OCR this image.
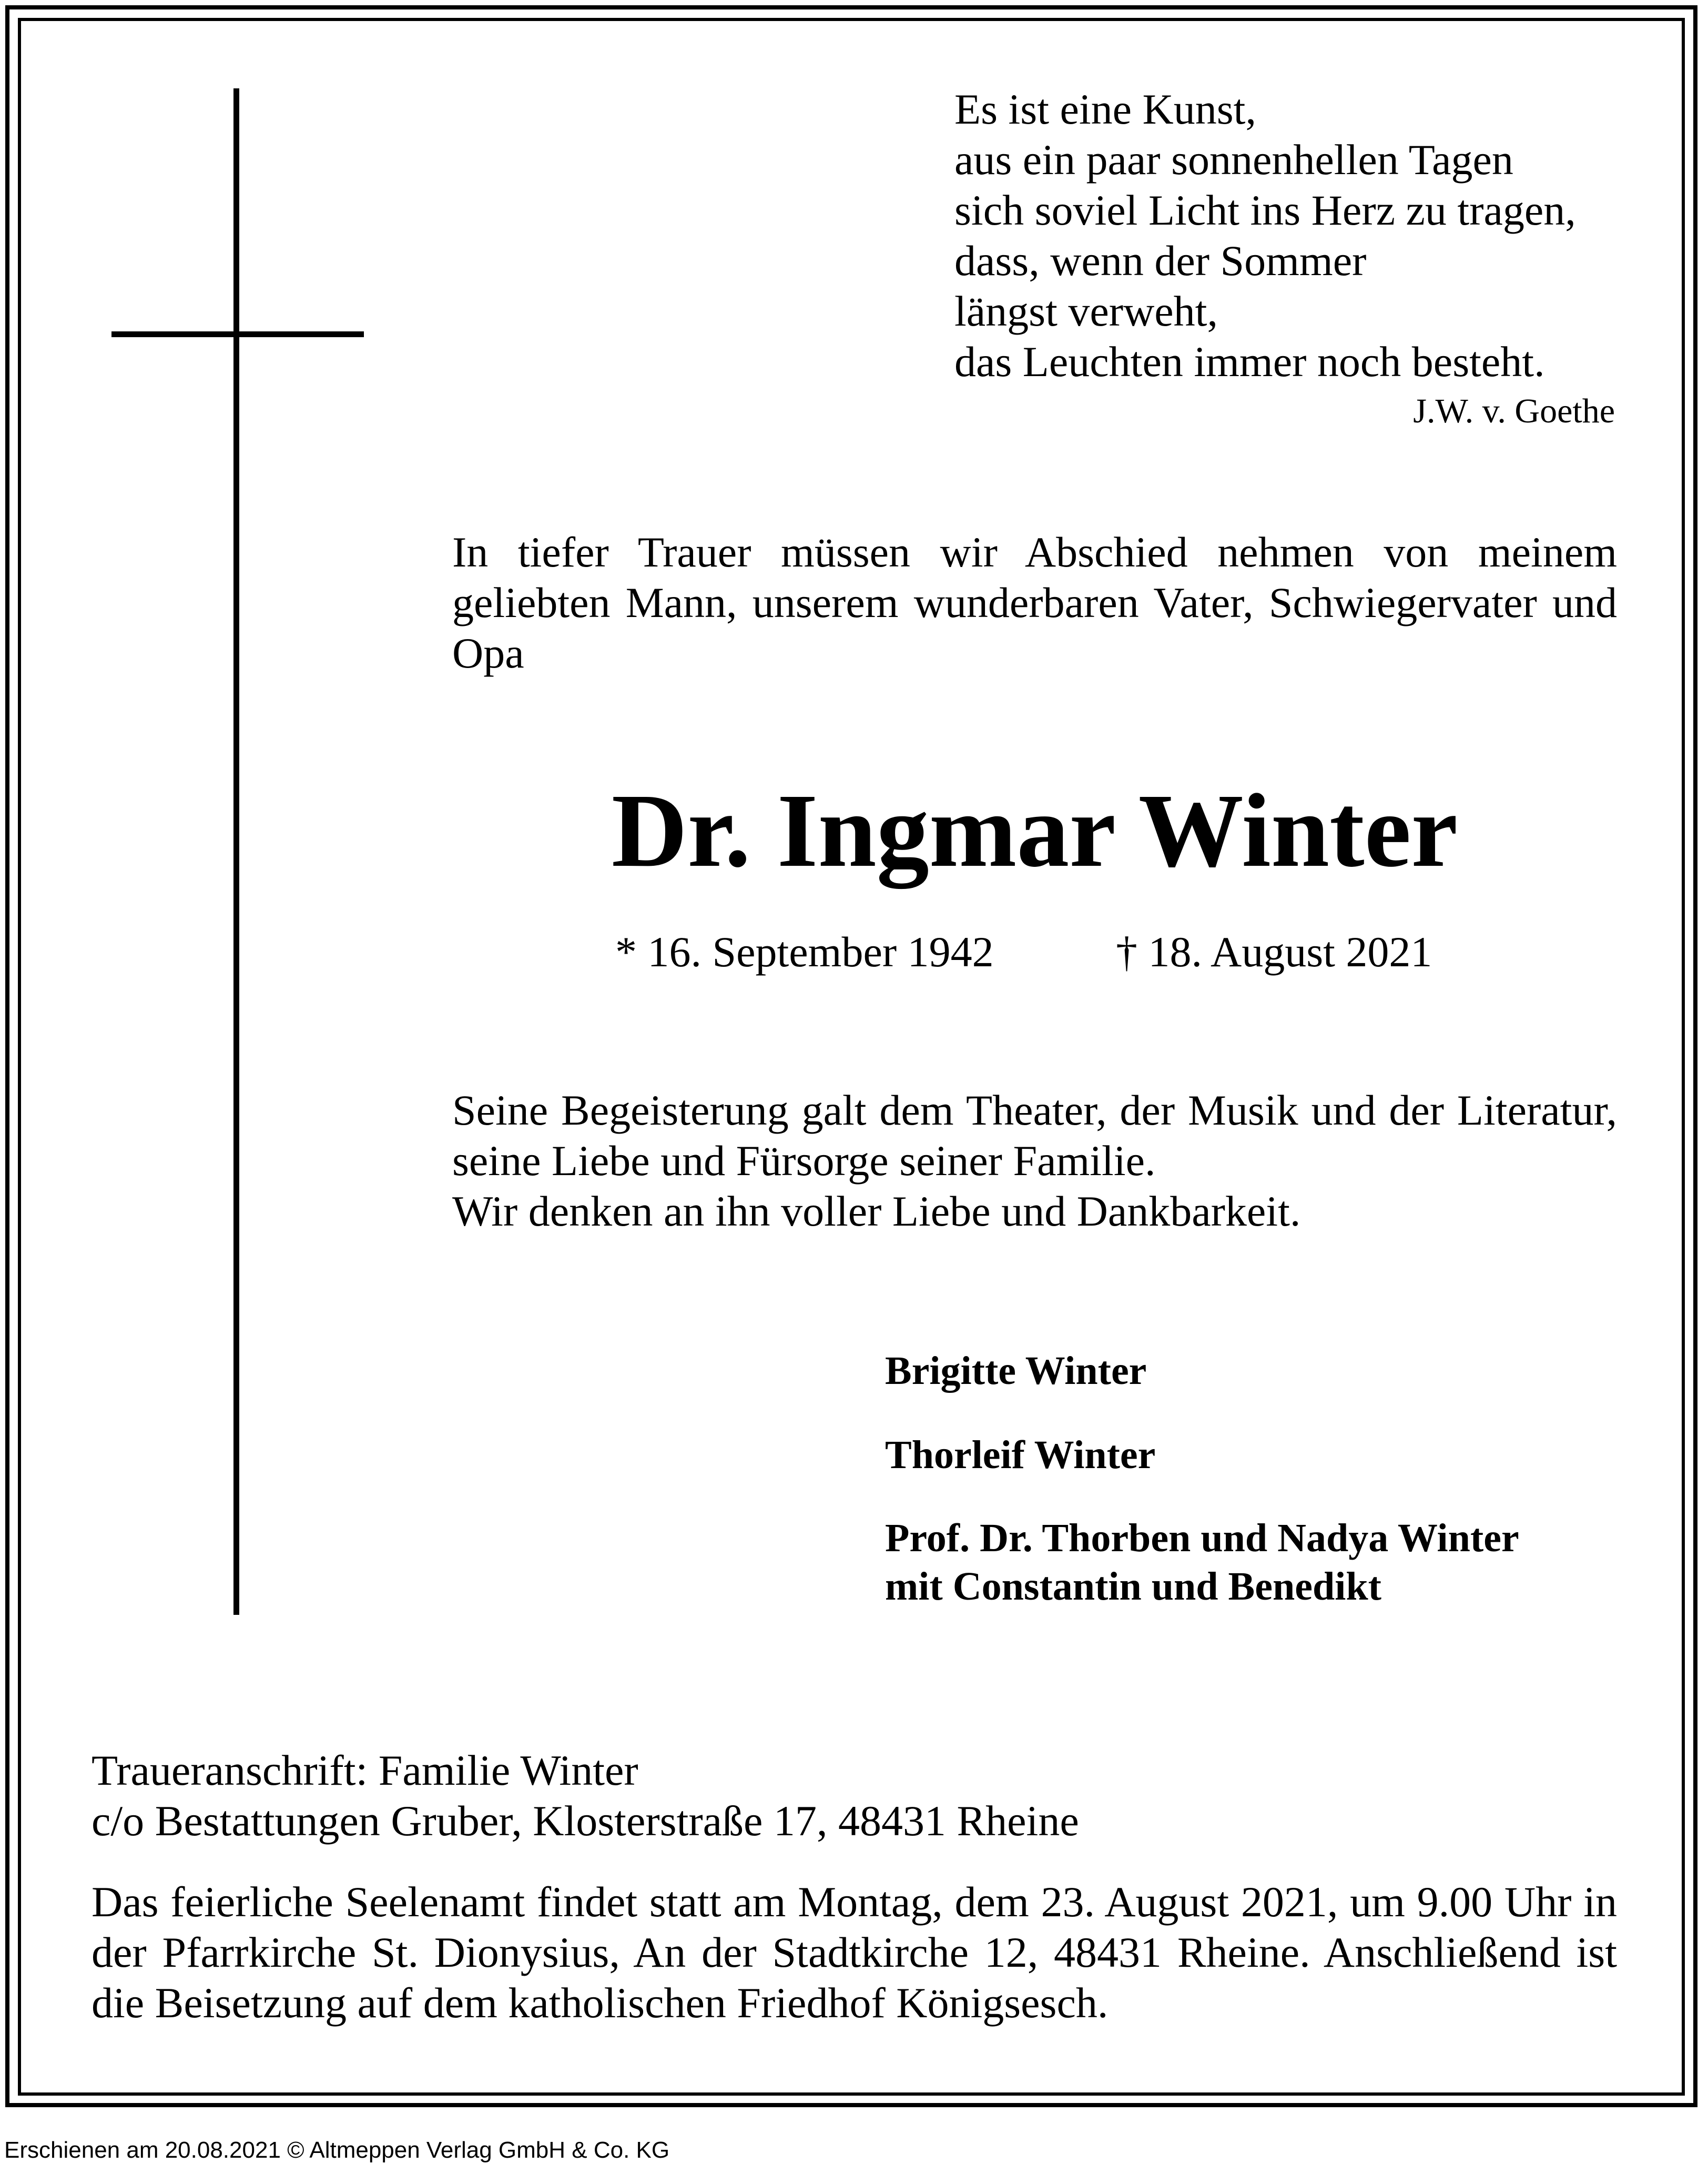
Es ist eine Kunst,
aus ein paar sonnenhellen Tagen
sich soviel Licht ins Herz zu tragen,
dass, wenn der Sommer
längst verweht,
das Leuchten immer noch besteht.
J.W. v. Goethe
In tiefer Trauer müssen wir Abschied nehmen von meinem geliebten Mann, unserem wunderbaren Vater, Schwiegervater und Opa
Dr. Ingmar Winter
* 16. September 1942	† 18. August 2021
Seine Begeisterung galt dem Theater, der Musik und der Literatur, seine Liebe und Fürsorge seiner Familie.
Wir denken an ihn voller Liebe und Dankbarkeit.
Brigitte Winter
Thorleif Winter
Prof. Dr. Thorben und Nadya Winter
mit Constantin und Benedikt
Traueranschrift: Familie Winter
c/o Bestattungen Gruber, Klosterstraße 17, 48431 Rheine
Das feierliche Seelenamt findet statt am Montag, dem 23. August 2021, um 9.00 Uhr in der Pfarrkirche St. Dionysius, An der Stadtkirche 12, 48431 Rheine. Anschließend ist die Beisetzung auf dem katholischen Friedhof Königsesch.
Erschienen am 20.08.2021 © Altmeppen Verlag GmbH & Co. KG
